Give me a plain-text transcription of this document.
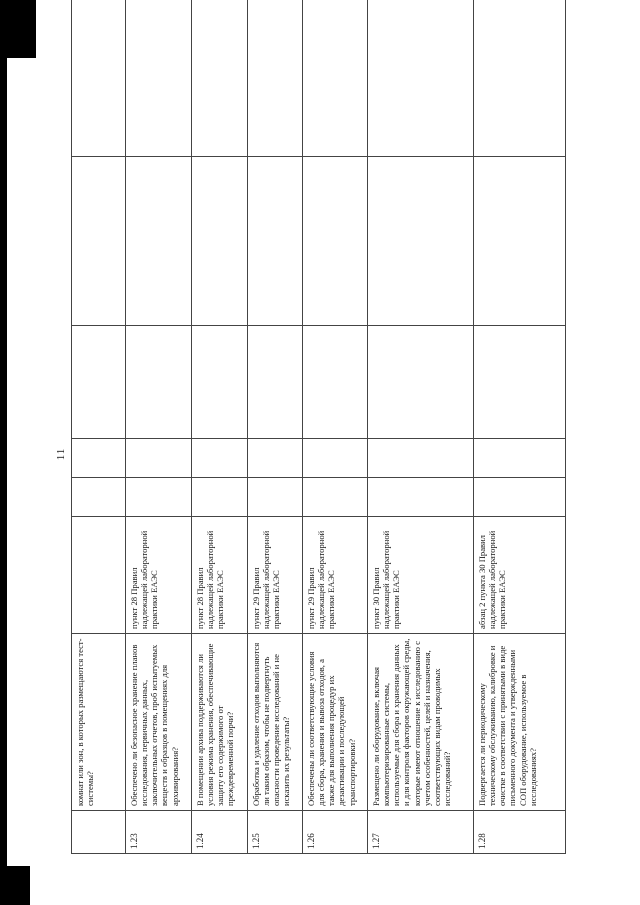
11
	комнат или зон, в которых размещаются тест-системы?						
1.23	Обеспечено ли безопасное хранение планов исследования, первичных данных, заключительных отчетов, проб испытуемых веществ и образцов в помещениях для архивирования?	пункт 28 Правил надлежащей лабораторной практики ЕАЭС					
1.24	В помещении архива поддерживаются ли условия режима хранения, обеспечивающие защиту его содержимого от преждевременной порчи?	пункт 28 Правил надлежащей лабораторной практики ЕАЭС					
1.25	Обработка и удаление отходов выполняются ли таким образом, чтобы не подвергнуть опасности проведение исследований и не исказить их результаты?	пункт 29 Правил надлежащей лабораторной практики ЕАЭС					
1.26	Обеспечены ли соответствующие условия для сбора, хранения и вывоза отходов, а также для выполнения процедур их дезактивации и последующей транспортировки?	пункт 29 Правил надлежащей лабораторной практики ЕАЭС					
1.27	Размещено ли оборудование, включая компьютеризированные системы, используемые для сбора и хранения данных и для контроля факторов окружающей среды, которые имеют отношение к исследованию с учетом особенностей, целей и назначения, соответствующих видам проводимых исследований?	пункт 30 Правил надлежащей лабораторной практики ЕАЭС					
1.28	Подвергается ли периодическому техническому обслуживанию, калибровке и очистке в соответствии с принятыми в виде письменного документа и утвержденными СОП оборудование, используемое в исследованиях?	абзац 2 пункта 30 Правил надлежащей лабораторной практики ЕАЭС					
